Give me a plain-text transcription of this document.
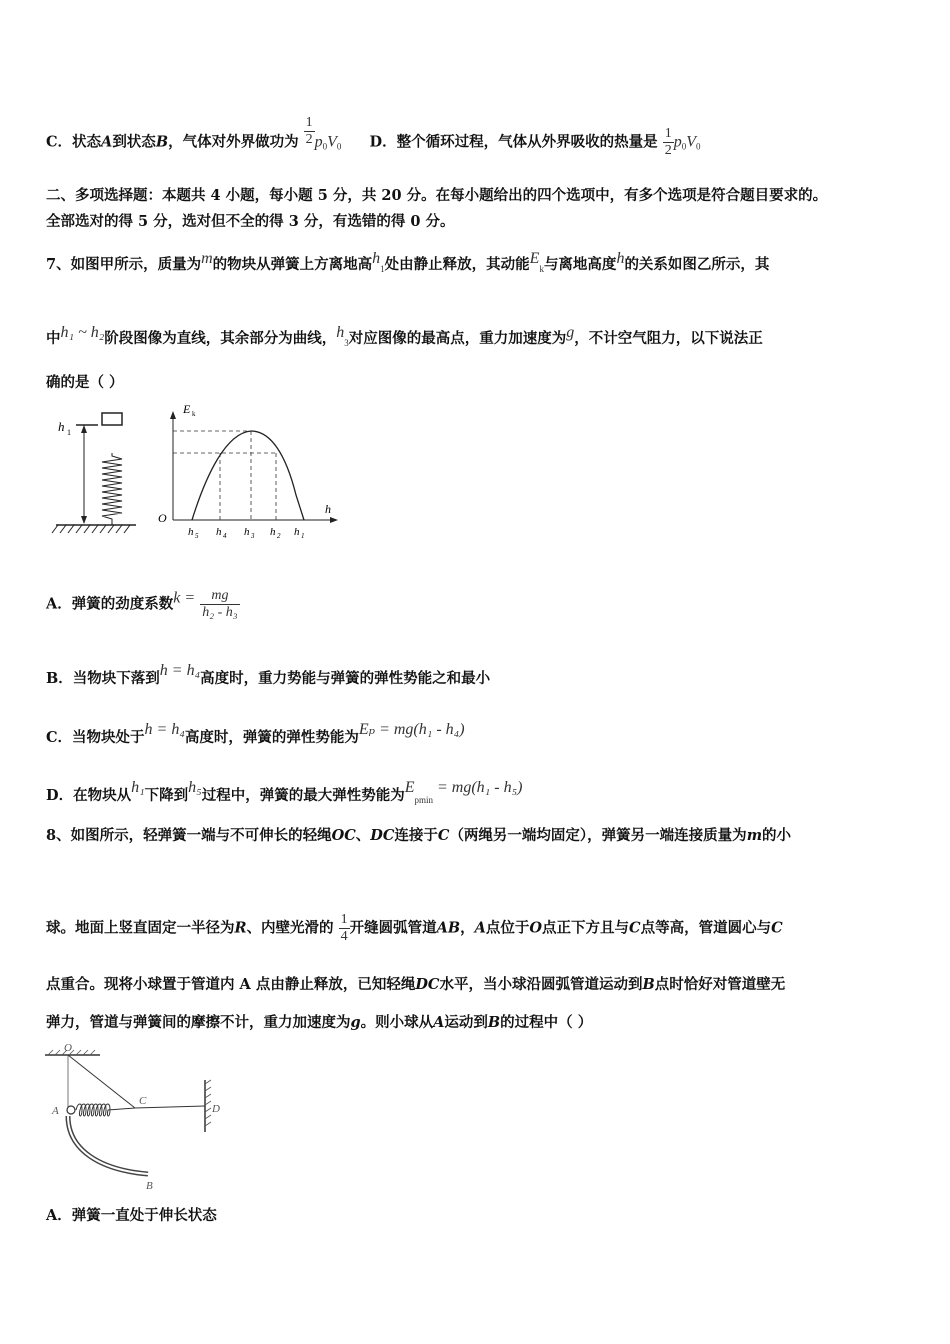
C．状态A到状态B，气体对外界做功为 $\frac{1}{2} p_0V_0$ D．整个循环过程，气体从外界吸收的热量是 $\frac{1}{2} p_0V_0$
二、多项选择题：本题共 4 小题，每小题 5 分，共 20 分。在每小题给出的四个选项中，有多个选项是符合题目要求的。
全部选对的得 5 分，选对但不全的得 3 分，有选错的得 0 分。
7、如图甲所示，质量为m的物块从弹簧上方离地高$h_1$处由静止释放，其动能$E_k$与离地高度h的关系如图乙所示，其
中h₁ ~ h₂阶段图像为直线，其余部分为曲线，$h_3$对应图像的最高点，重力加速度为g，不计空气阻力，以下说法正
确的是（ ）
h 1
E k
O
h
h 5 h 4 h 3 h 2 h 1
A．弹簧的劲度系数$k = \frac{mg}{\text{h₂ - h₃}}$
B．当物块下落到h = h₄高度时，重力势能与弹簧的弹性势能之和最小
C．当物块处于h = h₄高度时，弹簧的弹性势能为Eₚ = mg(h₁ - h₄)
D．在物块从h₁下降到h₅过程中，弹簧的最大弹性势能为$E_{pmin} = mg(h_1 - h_5)$
8、如图所示，轻弹簧一端与不可伸长的轻绳OC、DC连接于C（两绳另一端均固定），弹簧另一端连接质量为m的小
球。地面上竖直固定一半径为R、内壁光滑的 $\frac{1}{4}$ 开缝圆弧管道AB，A点位于O点正下方且与C点等高，管道圆心与C
点重合。现将小球置于管道内 A 点由静止释放，已知轻绳DC水平，当小球沿圆弧管道运动到B点时恰好对管道壁无
弹力，管道与弹簧间的摩擦不计，重力加速度为g。则小球从A运动到B的过程中（ ）
O
A
C
D
B
A．弹簧一直处于伸长状态
